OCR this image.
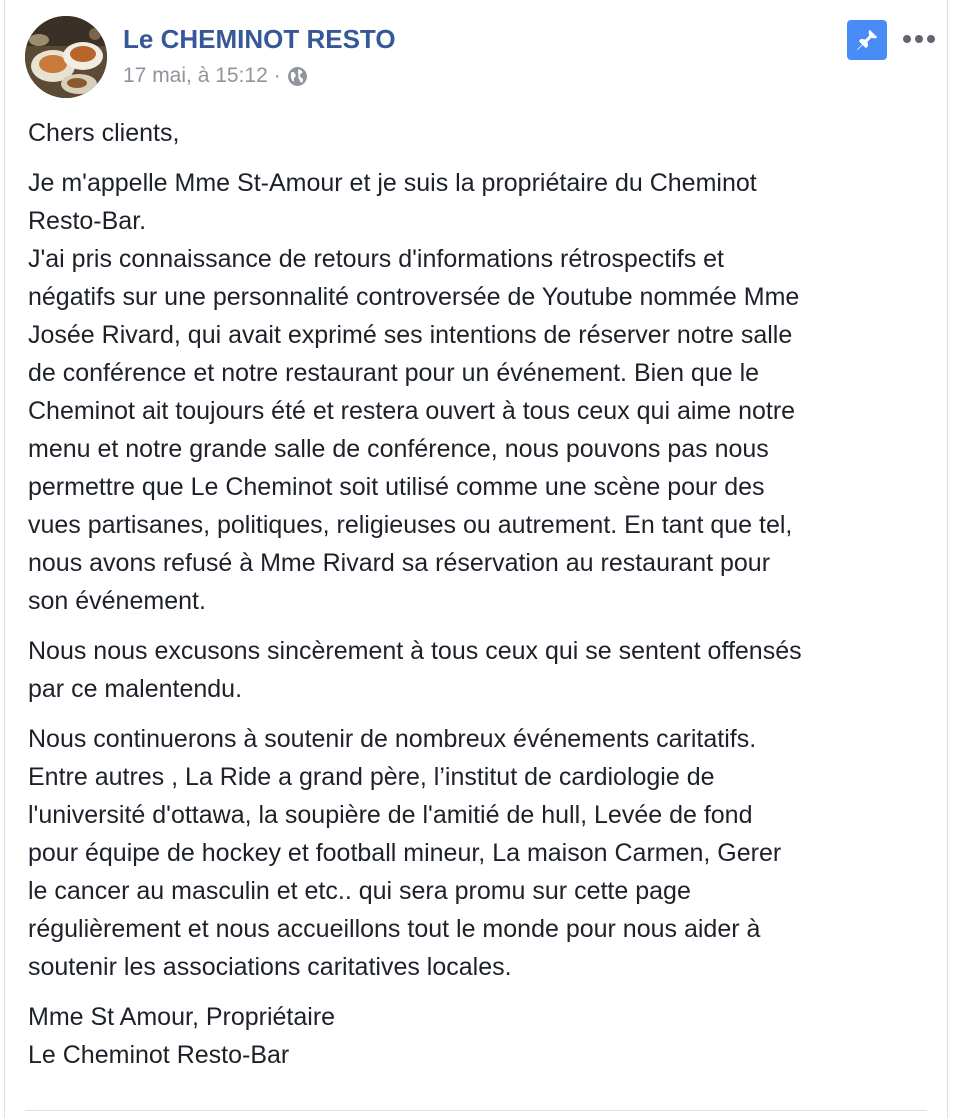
Le CHEMINOT RESTO
17 mai, à 15:12 ·

Chers clients,

Je m'appelle Mme St-Amour et je suis la propriétaire du Cheminot
Resto-Bar.
J'ai pris connaissance de retours d'informations rétrospectifs et
négatifs sur une personnalité controversée de Youtube nommée Mme
Josée Rivard, qui avait exprimé ses intentions de réserver notre salle
de conférence et notre restaurant pour un événement. Bien que le
Cheminot ait toujours été et restera ouvert à tous ceux qui aime notre
menu et notre grande salle de conférence, nous pouvons pas nous
permettre que Le Cheminot soit utilisé comme une scène pour des
vues partisanes, politiques, religieuses ou autrement. En tant que tel,
nous avons refusé à Mme Rivard sa réservation au restaurant pour
son événement.

Nous nous excusons sincèrement à tous ceux qui se sentent offensés
par ce malentendu.

Nous continuerons à soutenir de nombreux événements caritatifs.
Entre autres , La Ride a grand père, l’institut de cardiologie de
l'université d'ottawa, la soupière de l'amitié de hull, Levée de fond
pour équipe de hockey et football mineur, La maison Carmen, Gerer
le cancer au masculin et etc.. qui sera promu sur cette page
régulièrement et nous accueillons tout le monde pour nous aider à
soutenir les associations caritatives locales.

Mme St Amour, Propriétaire
Le Cheminot Resto-Bar
